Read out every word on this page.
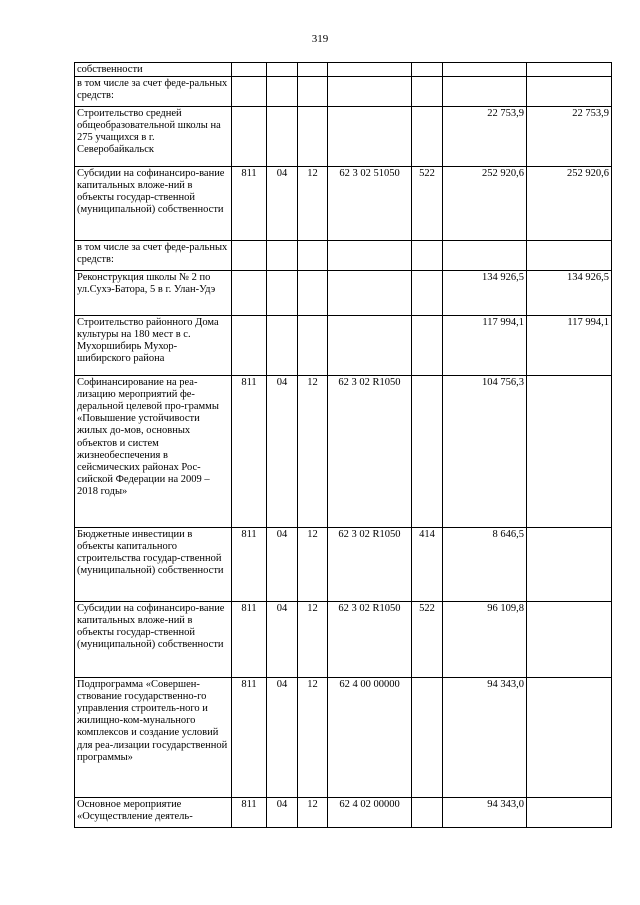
319
собственности							
в том числе за счет феде-ральных средств:							
Строительство средней общеобразовательной школы на 275 учащихся в г. Северобайкальск						22 753,9	22 753,9
Субсидии на софинансиро-вание капитальных вложе-ний в объекты государ-ственной (муниципальной) собственности	811	04	12	62 3 02 51050	522	252 920,6	252 920,6
в том числе за счет феде-ральных средств:							
Реконструкция школы № 2 по ул.Сухэ-Батора, 5 в г. Улан-Удэ						134 926,5	134 926,5
Строительство районного Дома культуры на 180 мест в с. Мухоршибирь Мухор-шибирского района						117 994,1	117 994,1
Софинансирование на реа-лизацию мероприятий фе-деральной целевой про-граммы «Повышение устойчивости жилых до-мов, основных объектов и систем жизнеобеспечения в сейсмических районах Рос-сийской Федерации на 2009 – 2018 годы»	811	04	12	62 3 02 R1050		104 756,3	
Бюджетные инвестиции в объекты капитального строительства государ-ственной (муниципальной) собственности	811	04	12	62 3 02 R1050	414	8 646,5	
Субсидии на софинансиро-вание капитальных вложе-ний в объекты государ-ственной (муниципальной) собственности	811	04	12	62 3 02 R1050	522	96 109,8	
Подпрограмма «Совершен-ствование государственно-го управления строитель-ного и жилищно-ком-мунального комплексов и создание условий для реа-лизации государственной программы»	811	04	12	62 4 00 00000		94 343,0	
Основное мероприятие «Осуществление деятель-	811	04	12	62 4 02 00000		94 343,0	
